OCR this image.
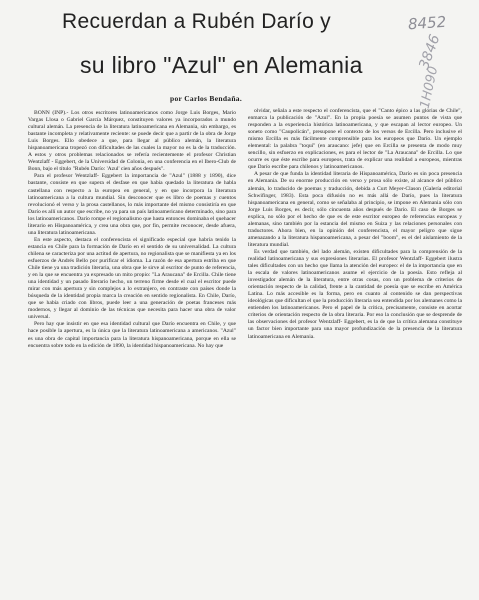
Recuerdan a Rubén Darío y
su libro "Azul" en Alemania
por Carlos Bendaña.
8452
3846
1H090

BONN (INP).- Los otros escritores latinoamericanos como Jorge Luis Borges, Mario Vargas Llosa o Gabriel García Márquez, constituyen valores ya incorporados a mundo cultural alemán. La presencia de la literatura latinoamericana en Alemania, sin embargo, es bastante incompleta y relativamente reciente: se puede decir que a partir de la obra de Jorge Luis Borges. Ello obedece a que, para llegar al público alemán, la literatura hispanoamericana tropezó con dificultades de las cuales la mayor no es la de la traducción. A estos y otros problemas relacionados se refería recientemente el profesor Christian Wentzlaff - Eggebert, de la Universidad de Colonia, en una conferencia en el Ibero-Club de Bonn, bajo el título "Rubén Darío: 'Azul' cien años después".

Para el profesor Wentzlaff- Eggebert la importancia de "Azul" (1888 y 1890), dice bastante, consiste en que supera el desfase en que había quedado la literatura de habla castellana con respecto a la europea en general, y en que incorpora la literatura latinoamericana a la cultura mundial. Sin desconocer que es libro de poemas y cuentos revolucionó el verso y la prosa castellanos, lo más importante del mismo consistiría en que Darío es allí un autor que escribe, no ya para un país latinoamericano determinado, sino para los latinoamericanos. Darío rompe el regionalismo que hasta entonces dominaba el quehacer literario en Hispanoamérica, y crea una obra que, por fin, permite reconocer, desde afuera, una literatura latinoamericana.

En este aspecto, destaca el conferencista el significado especial que habría tenido la estancia en Chile para la formación de Darío en el sentido de su universalidad. La cultura chilena se caracteriza por una actitud de apertura, no regionalista que se manifiesta ya en los esfuerzos de Andrés Bello por purificar el idioma. La razón de esa apertura estriba en que Chile tiene ya una tradición literaria, una obra que le sirve al escritor de punto de referencia, y en la que se encuentra ya expresado un mito propio: "La Araucana" de Ercilla. Chile tiene una identidad y un pasado literario hecho, un terreno firme desde el cual el escritor puede mirar con más apertura y sin complejos a lo extranjero, en contraste con países donde la búsqueda de la identidad propia marca la creación en sentido regionalista. En Chile, Darío, que se había criado con libros, puede leer a una generación de poetas franceses más modernos, y llegar al dominio de las técnicas que necesita para hacer una obra de valor universal.

Pero hay que insistir en que esa identidad cultural que Darío encuentra en Chile, y que hace posible la apertura, es la única que la literatura latinoamericana a americanos. "Azul" es una obra de capital importancia para la literatura hispanoamericana, porque en ella se encuentra sobre todo en la edición de 1890, la identidad hispanoamericana. No hay que

olvidar, señala a este respecto el conferencista, que el "Canto épico a las glorias de Chile", enmarca la publicación de "Azul". En la propia poesía se asumen puntos de vista que responden a la experiencia histórica latinoamericana, y que escapan al lector europeo. Un soneto como "Caupolicán", presupone el contexto de los versos de Ercilla. Pero inclusive el mismo Ercilla es más fácilmente comprensible para los europeos que Darío. Un ejemplo elemental: la palabra "toqui" (en araucano: jefe) que en Ercilla se presenta de modo muy sencillo, sin esfuerzo en explicaciones, es para el lector de "La Araucana" de Ercilla. Lo que ocurre es que éste escribe para europeos, trata de explicar una realidad a europeos, mientras que Darío escribe para chilenos y latinoamericanos.

A pesar de que funda la identidad literaria de Hispanoamérica, Darío es sin poca presencia en Alemania. De su enorme producción en verso y prosa sólo existe, al alcance del público alemán, lo traducido de poemas y traducción, debida a Curt Meyer-Clason (Galería editorial Schwifinger, 1983). Esta poca difusión no es más allá de Darío, pues la literatura hispanoamericana en general, como se señalaba al principio, se impone en Alemania sólo con Jorge Luis Borges, es decir, sólo cincuenta años después de Darío. El caso de Borges se explica, no sólo por el hecho de que es de este escritor europeo de referencias europeas y alemanas, sino también por la estancia del mismo en Suiza y las relaciones personales con traductores. Ahora bien, en la opinión del conferencista, el mayor peligro que sigue amenazando a la literatura hispanoamericana, a pesar del "boom", es el del aislamiento de la literatura mundial.

Es verdad que también, del lado alemán, existen dificultades para la comprensión de la realidad latinoamericana y sus expresiones literarias. El profesor Wentzlaff- Eggebert ilustra tales dificultades con un hecho que llama la atención del europeo: el de la importancia que en la escala de valores latinoamericanos asume el ejercicio de la poesía. Esto refleja al investigador alemán de la literatura, entre otras cosas, con un problema de criterios de orientación respecto de la calidad, frente a la cantidad de poesía que se escribe en América Latina. Lo más accesible es la forma, pero en cuanto al contenido se dan perspectivas ideológicas que dificultan el que la producción literaria sea entendida por los alemanes como la entienden los latinoamericanos. Pero el papel de la crítica, precisamente, consiste en acortar criterios de orientación respecto de la obra literaria. Por eso la conclusión que se desprende de las observaciones del profesor Wentzlaff- Eggebert, es la de que la crítica alemana constituye un factor bien importante para una mayor profundización de la presencia de la literatura latinoamericana en Alemania.
